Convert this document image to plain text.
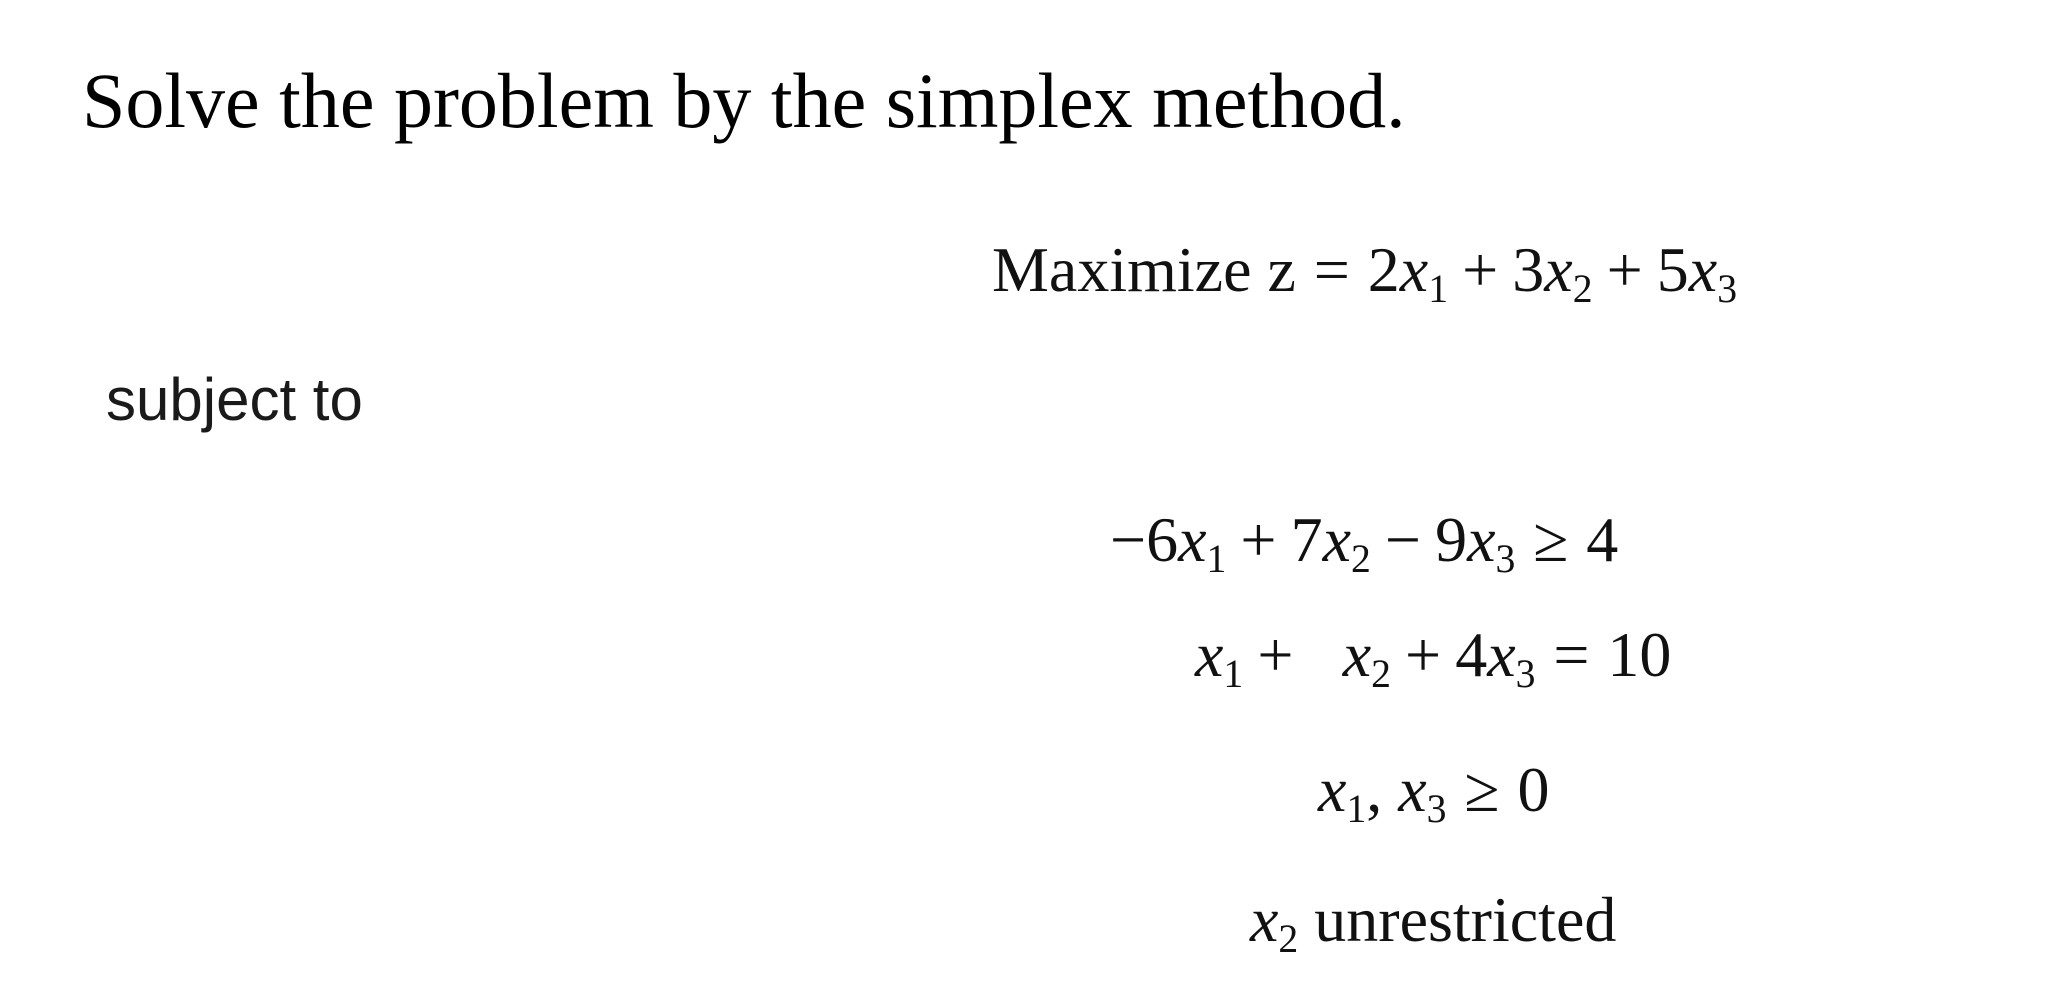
Solve the problem by the simplex method.
Maximize $z = 2x_1 + 3x_2 + 5x_3$
subject to
$-6x_1 + 7x_2 - 9x_3 \ge 4$
$x_1 + x_2 + 4x_3 = 10$
$x_1$, $x_3 \ge 0$
$x_2$ unrestricted
